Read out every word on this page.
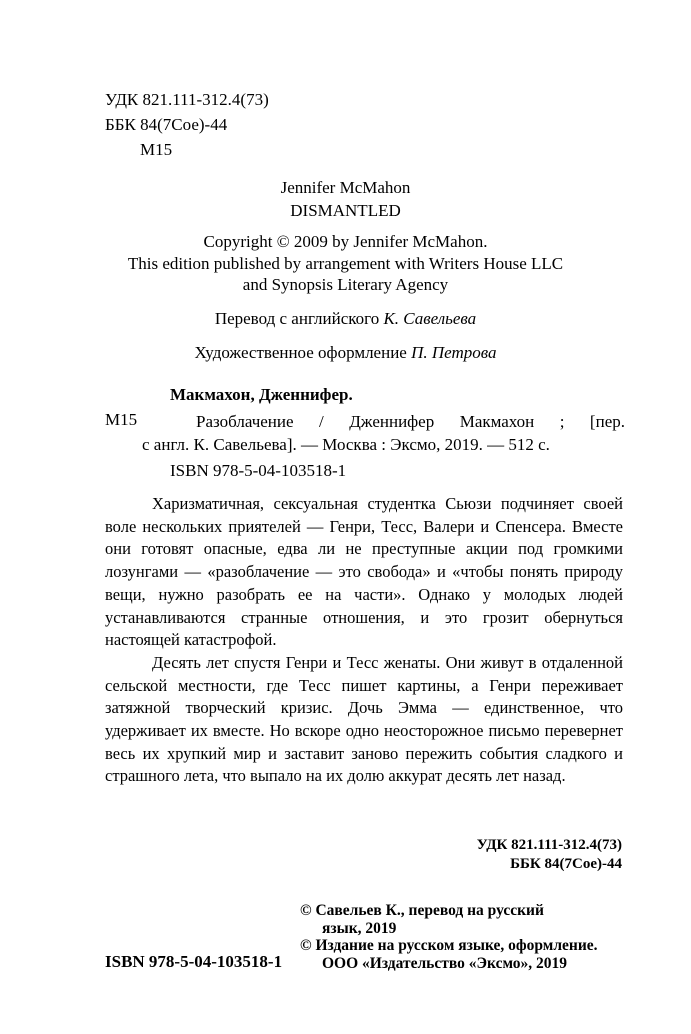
УДК 821.111-312.4(73)
ББК 84(7Сое)-44
М15
Jennifer McMahon
DISMANTLED
Copyright © 2009 by Jennifer McMahon.
This edition published by arrangement with Writers House LLC
and Synopsis Literary Agency
Перевод с английского К. Савельева
Художественное оформление П. Петрова
Макмахон, Дженнифер.
М15	Разоблачение / Дженнифер Макмахон ; [пер.
с англ. К. Савельева]. — Москва : Эксмо, 2019. — 512 с.
ISBN 978-5-04-103518-1

Харизматичная, сексуальная студентка Сьюзи подчиняет своей воле нескольких приятелей — Генри, Тесс, Валери и Спенсера. Вместе они готовят опасные, едва ли не преступные акции под громкими лозунгами — «разоблачение — это свобода» и «чтобы понять природу вещи, нужно разобрать ее на части». Однако у молодых людей устанавливаются странные отношения, и это грозит обернуться настоящей катастрофой.

Десять лет спустя Генри и Тесс женаты. Они живут в отдаленной сельской местности, где Тесс пишет картины, а Генри переживает затяжной творческий кризис. Дочь Эмма — единственное, что удерживает их вместе. Но вскоре одно неосторожное письмо перевернет весь их хрупкий мир и заставит заново пережить события сладкого и страшного лета, что выпало на их долю аккурат десять лет назад.

УДК 821.111-312.4(73)
ББК 84(7Сое)-44
© Савельев К., перевод на русский
язык, 2019
© Издание на русском языке, оформление.
ООО «Издательство «Эксмо», 2019
ISBN 978-5-04-103518-1
